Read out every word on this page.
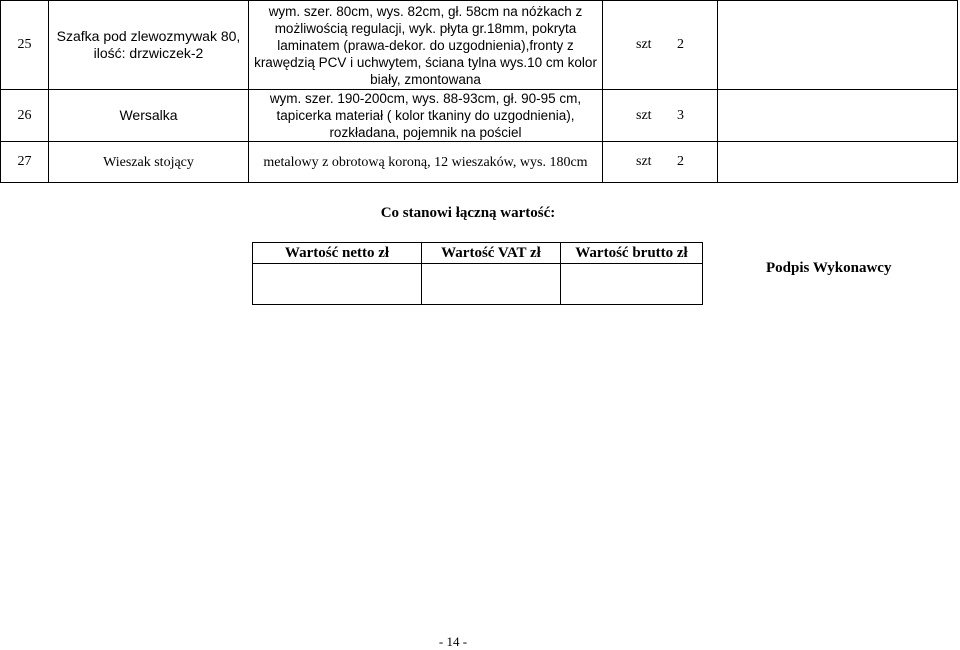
25	Szafka pod zlewozmywak 80, ilość: drzwiczek-2	wym. szer. 80cm, wys. 82cm, gł. 58cm na nóżkach z
możliwością regulacji, wyk. płyta gr.18mm, pokryta
laminatem (prawa-dekor. do uzgodnienia),fronty z
krawędzią PCV i uchwytem, ściana tylna wys.10 cm kolor
biały, zmontowana	szt 2	
26	Wersalka	wym. szer. 190-200cm, wys. 88-93cm, gł. 90-95 cm,
tapicerka materiał ( kolor tkaniny do uzgodnienia),
rozkładana, pojemnik na pościel	szt 3	
27	Wieszak stojący	metalowy z obrotową koroną, 12 wieszaków, wys. 180cm	szt 2	
Co stanowi łączną wartość:
Wartość netto zł	Wartość VAT zł	Wartość brutto zł

Podpis Wykonawcy
- 14 -
